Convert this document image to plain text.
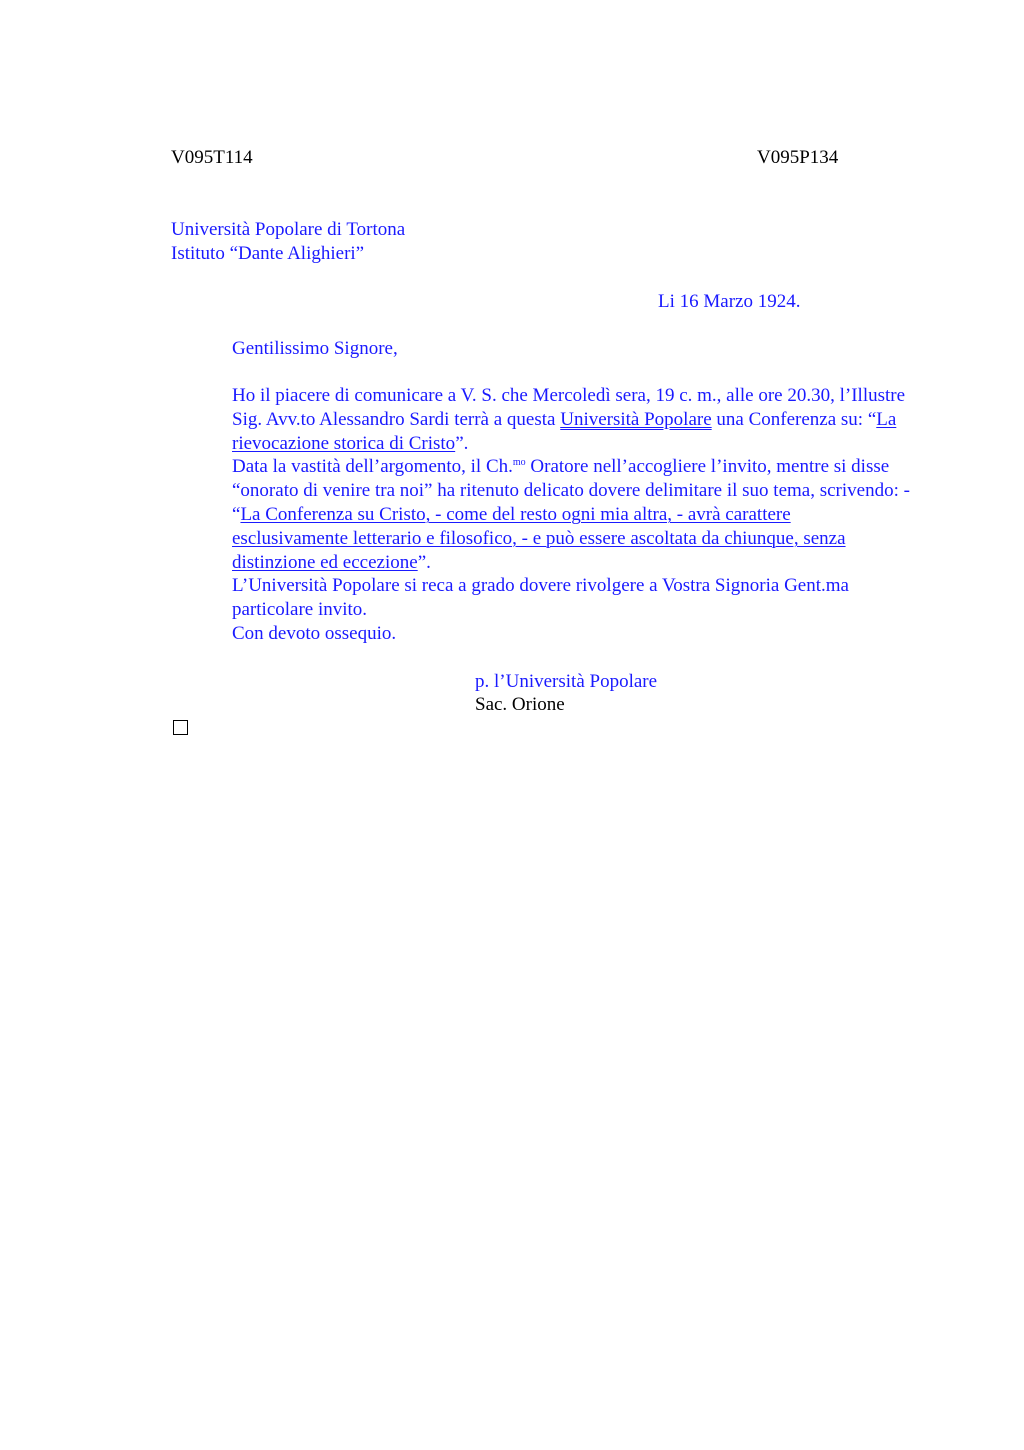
V095T114	V095P134
Università Popolare di Tortona
Istituto “Dante Alighieri”
Li 16 Marzo 1924.
Gentilissimo Signore,

Ho il piacere di comunicare a V. S. che Mercoledì sera, 19 c. m., alle ore 20.30, l’Illustre Sig. Avv.to Alessandro Sardi terrà a questa Università Popolare una Conferenza su: “La rievocazione storica di Cristo”.

Data la vastità dell’argomento, il Ch.$^{mo}$ Oratore nell’accogliere l’invito, mentre si disse “onorato di venire tra noi” ha ritenuto delicato dovere delimitare il suo tema, scrivendo: - “La Conferenza su Cristo, - come del resto ogni mia altra, - avrà carattere esclusivamente letterario e filosofico, - e può essere ascoltata da chiunque, senza distinzione ed eccezione”.

L’Università Popolare si reca a grado dovere rivolgere a Vostra Signoria Gent.ma particolare invito.

Con devoto ossequio.

p. l’Università Popolare
Sac. Orione
